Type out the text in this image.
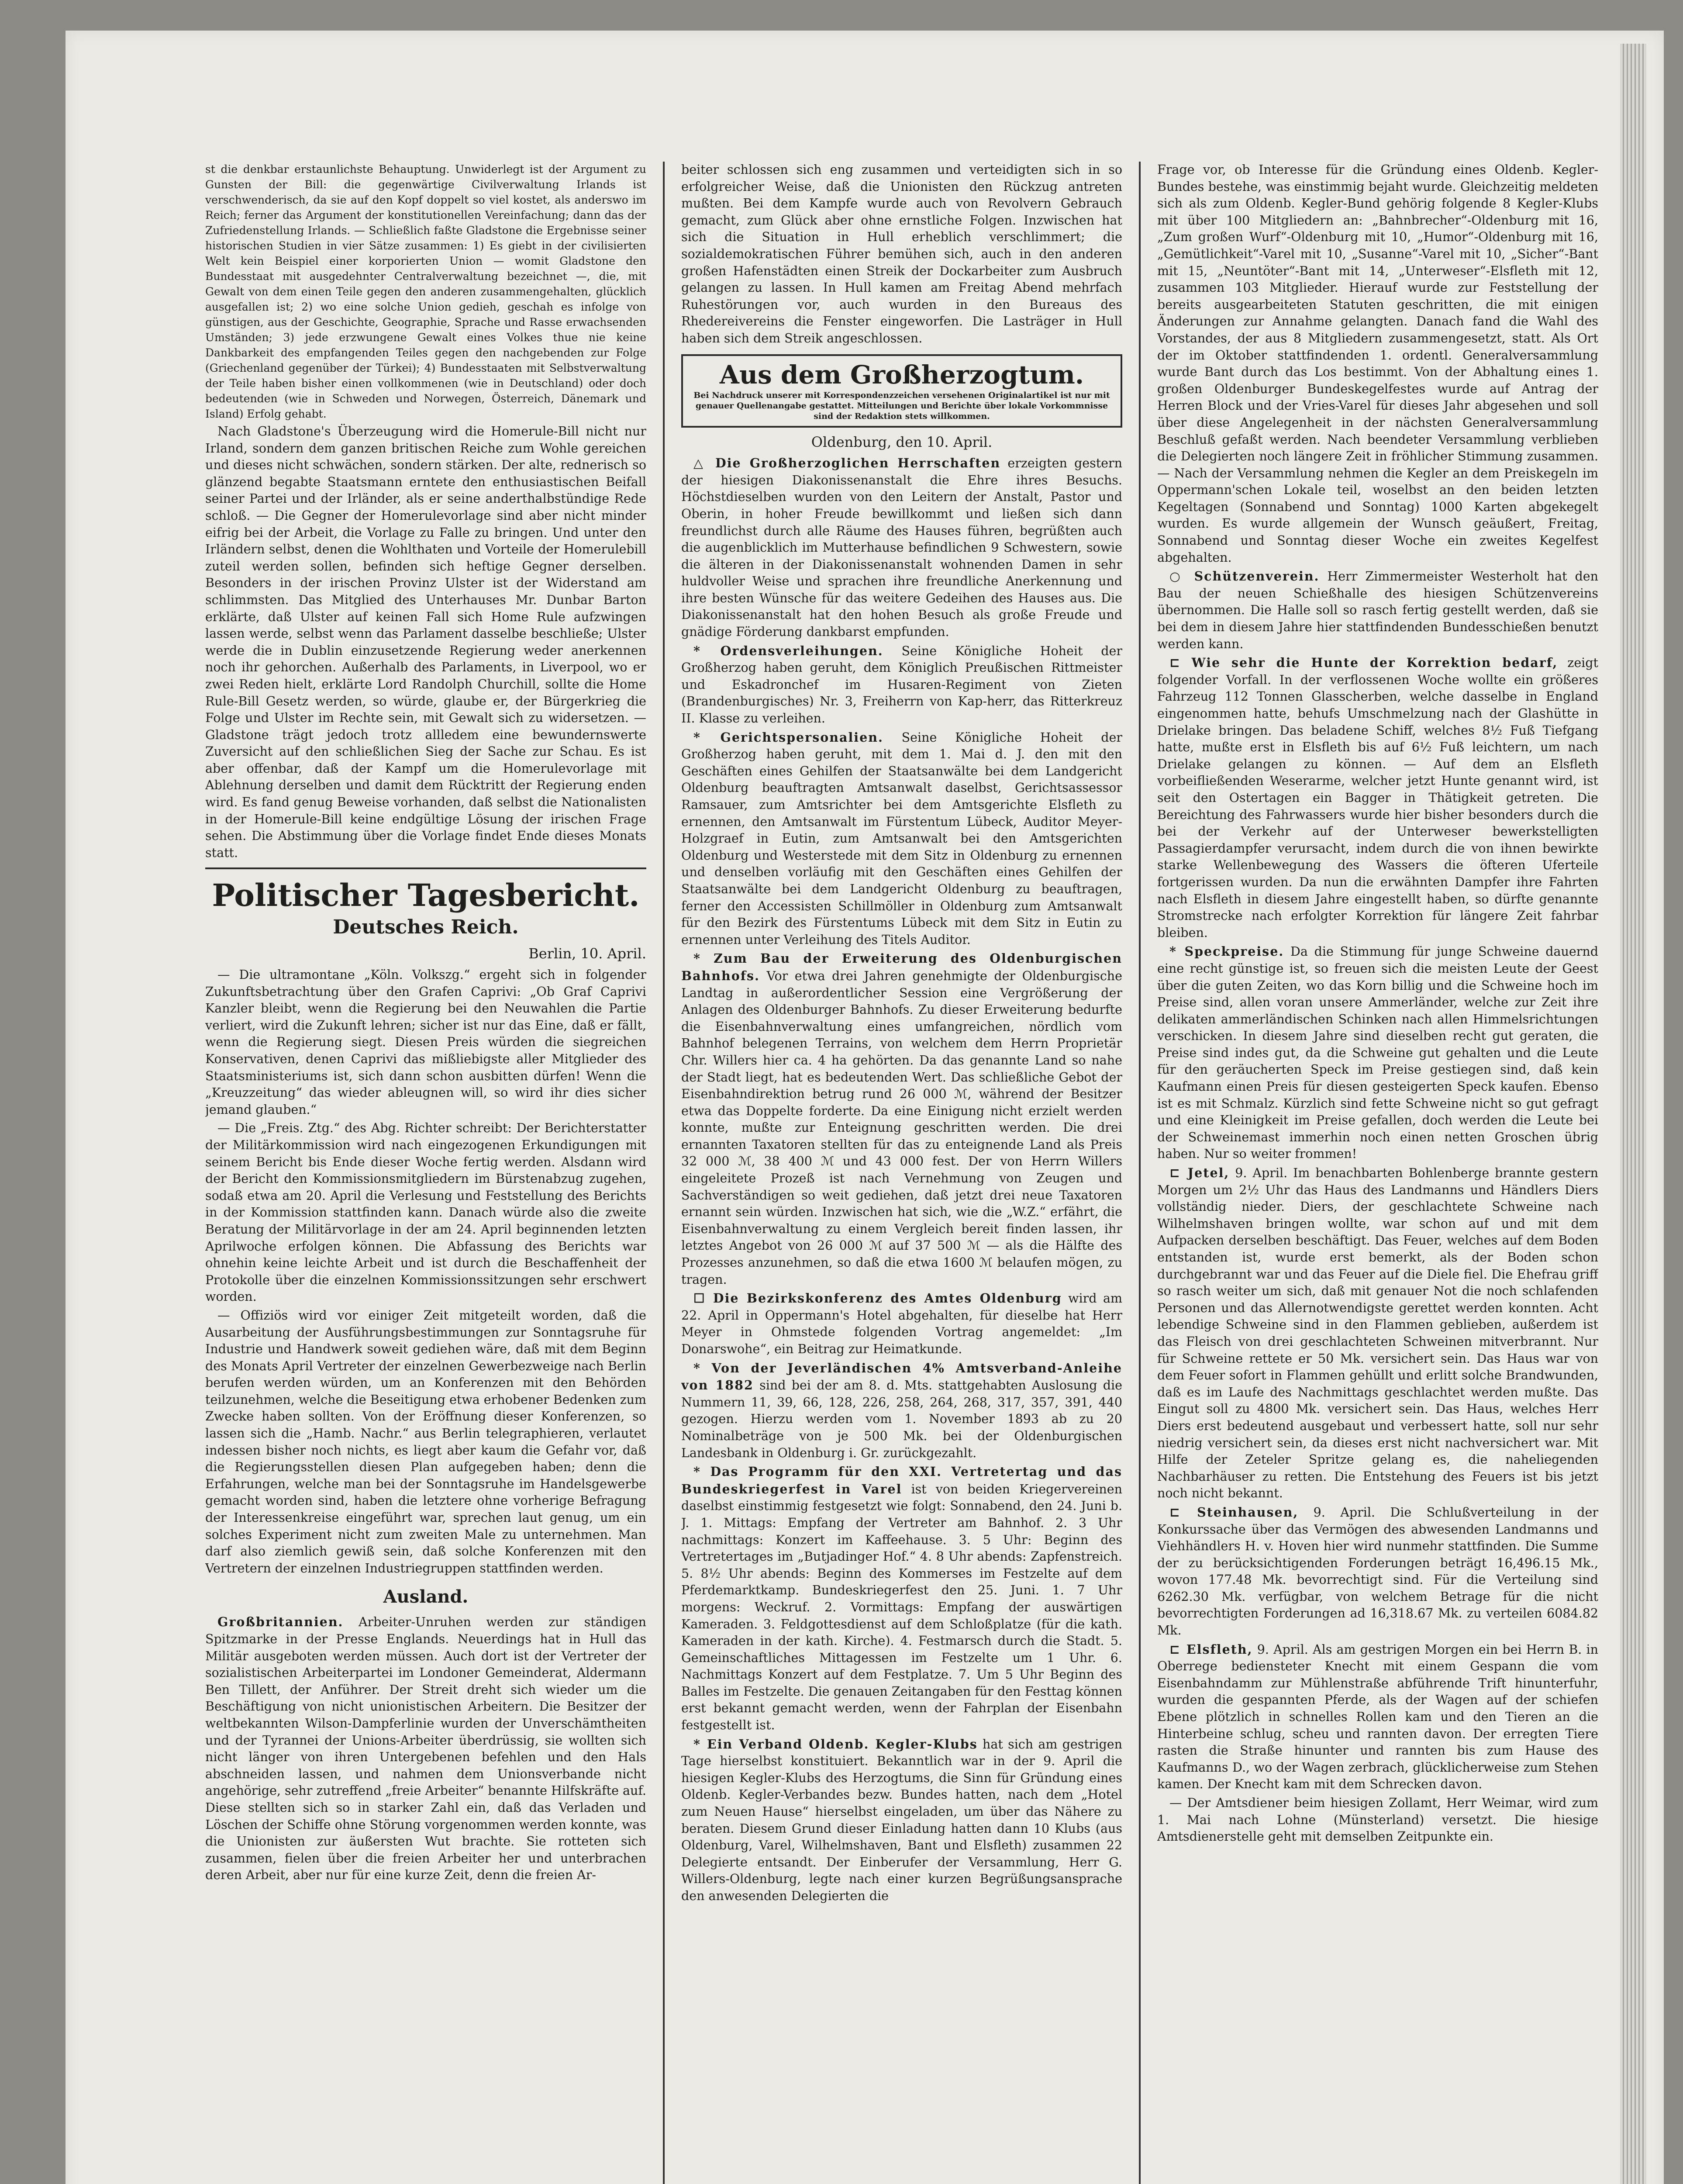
st die denkbar erstaunlichste Behauptung. Unwiderlegt ist der Argument zu Gunsten der Bill: die gegenwärtige Civilverwaltung Irlands ist verschwenderisch, da sie auf den Kopf doppelt so viel kostet, als anderswo im Reich; ferner das Argument der konstitutionellen Vereinfachung; dann das der Zufriedenstellung Irlands. — Schließlich faßte Gladstone die Ergebnisse seiner historischen Studien in vier Sätze zusammen: 1) Es giebt in der civilisierten Welt kein Beispiel einer korporierten Union — womit Gladstone den Bundesstaat mit ausgedehnter Centralverwaltung bezeichnet —, die, mit Gewalt von dem einen Teile gegen den anderen zusammengehalten, glücklich ausgefallen ist; 2) wo eine solche Union gedieh, geschah es infolge von günstigen, aus der Geschichte, Geographie, Sprache und Rasse erwachsenden Umständen; 3) jede erzwungene Gewalt eines Volkes thue nie keine Dankbarkeit des empfangenden Teiles gegen den nachgebenden zur Folge (Griechenland gegenüber der Türkei); 4) Bundesstaaten mit Selbstverwaltung der Teile haben bisher einen vollkommenen (wie in Deutschland) oder doch bedeutenden (wie in Schweden und Norwegen, Österreich, Dänemark und Island) Erfolg gehabt.

Nach Gladstone's Überzeugung wird die Homerule-Bill nicht nur Irland, sondern dem ganzen britischen Reiche zum Wohle gereichen und dieses nicht schwächen, sondern stärken. Der alte, rednerisch so glänzend begabte Staatsmann erntete den enthusiastischen Beifall seiner Partei und der Irländer, als er seine anderthalbstündige Rede schloß. — Die Gegner der Homerulevorlage sind aber nicht minder eifrig bei der Arbeit, die Vorlage zu Falle zu bringen. Und unter den Irländern selbst, denen die Wohlthaten und Vorteile der Homerulebill zuteil werden sollen, befinden sich heftige Gegner derselben. Besonders in der irischen Provinz Ulster ist der Widerstand am schlimmsten. Das Mitglied des Unterhauses Mr. Dunbar Barton erklärte, daß Ulster auf keinen Fall sich Home Rule aufzwingen lassen werde, selbst wenn das Parlament dasselbe beschließe; Ulster werde die in Dublin einzusetzende Regierung weder anerkennen noch ihr gehorchen. Außerhalb des Parlaments, in Liverpool, wo er zwei Reden hielt, erklärte Lord Randolph Churchill, sollte die Home Rule-Bill Gesetz werden, so würde, glaube er, der Bürgerkrieg die Folge und Ulster im Rechte sein, mit Gewalt sich zu widersetzen. — Gladstone trägt jedoch trotz allledem eine bewundernswerte Zuversicht auf den schließlichen Sieg der Sache zur Schau. Es ist aber offenbar, daß der Kampf um die Homerulevorlage mit Ablehnung derselben und damit dem Rücktritt der Regierung enden wird. Es fand genug Beweise vorhanden, daß selbst die Nationalisten in der Homerule-Bill keine endgültige Lösung der irischen Frage sehen. Die Abstimmung über die Vorlage findet Ende dieses Monats statt.

Politischer Tagesbericht.
Deutsches Reich.
Berlin, 10. April.

— Die ultramontane „Köln. Volkszg.“ ergeht sich in folgender Zukunftsbetrachtung über den Grafen Caprivi: „Ob Graf Caprivi Kanzler bleibt, wenn die Regierung bei den Neuwahlen die Partie verliert, wird die Zukunft lehren; sicher ist nur das Eine, daß er fällt, wenn die Regierung siegt. Diesen Preis würden die siegreichen Konservativen, denen Caprivi das mißliebigste aller Mitglieder des Staatsministeriums ist, sich dann schon ausbitten dürfen! Wenn die „Kreuzzeitung“ das wieder ableugnen will, so wird ihr dies sicher jemand glauben.“

— Die „Freis. Ztg.“ des Abg. Richter schreibt: Der Berichterstatter der Militärkommission wird nach eingezogenen Erkundigungen mit seinem Bericht bis Ende dieser Woche fertig werden. Alsdann wird der Bericht den Kommissionsmitgliedern im Bürstenabzug zugehen, sodaß etwa am 20. April die Verlesung und Feststellung des Berichts in der Kommission stattfinden kann. Danach würde also die zweite Beratung der Militärvorlage in der am 24. April beginnenden letzten Aprilwoche erfolgen können. Die Abfassung des Berichts war ohnehin keine leichte Arbeit und ist durch die Beschaffenheit der Protokolle über die einzelnen Kommissionssitzungen sehr erschwert worden.

— Offiziös wird vor einiger Zeit mitgeteilt worden, daß die Ausarbeitung der Ausführungsbestimmungen zur Sonntagsruhe für Industrie und Handwerk soweit gediehen wäre, daß mit dem Beginn des Monats April Vertreter der einzelnen Gewerbezweige nach Berlin berufen werden würden, um an Konferenzen mit den Behörden teilzunehmen, welche die Beseitigung etwa erhobener Bedenken zum Zwecke haben sollten. Von der Eröffnung dieser Konferenzen, so lassen sich die „Hamb. Nachr.“ aus Berlin telegraphieren, verlautet indessen bisher noch nichts, es liegt aber kaum die Gefahr vor, daß die Regierungsstellen diesen Plan aufgegeben haben; denn die Erfahrungen, welche man bei der Sonntagsruhe im Handelsgewerbe gemacht worden sind, haben die letztere ohne vorherige Befragung der Interessenkreise eingeführt war, sprechen laut genug, um ein solches Experiment nicht zum zweiten Male zu unternehmen. Man darf also ziemlich gewiß sein, daß solche Konferenzen mit den Vertretern der einzelnen Industriegruppen stattfinden werden.

Ausland.

Großbritannien. Arbeiter-Unruhen werden zur ständigen Spitzmarke in der Presse Englands. Neuerdings hat in Hull das Militär ausgeboten werden müssen. Auch dort ist der Vertreter der sozialistischen Arbeiterpartei im Londoner Gemeinderat, Aldermann Ben Tillett, der Anführer. Der Streit dreht sich wieder um die Beschäftigung von nicht unionistischen Arbeitern. Die Besitzer der weltbekannten Wilson-Dampferlinie wurden der Unverschämtheiten und der Tyrannei der Unions-Arbeiter überdrüssig, sie wollten sich nicht länger von ihren Untergebenen befehlen und den Hals abschneiden lassen, und nahmen dem Unionsverbande nicht angehörige, sehr zutreffend „freie Arbeiter“ benannte Hilfskräfte auf. Diese stellten sich so in starker Zahl ein, daß das Verladen und Löschen der Schiffe ohne Störung vorgenommen werden konnte, was die Unionisten zur äußersten Wut brachte. Sie rotteten sich zusammen, fielen über die freien Arbeiter her und unterbrachen deren Arbeit, aber nur für eine kurze Zeit, denn die freien Ar-

beiter schlossen sich eng zusammen und verteidigten sich in so erfolgreicher Weise, daß die Unionisten den Rückzug antreten mußten. Bei dem Kampfe wurde auch von Revolvern Gebrauch gemacht, zum Glück aber ohne ernstliche Folgen. Inzwischen hat sich die Situation in Hull erheblich verschlimmert; die sozialdemokratischen Führer bemühen sich, auch in den anderen großen Hafenstädten einen Streik der Dockarbeiter zum Ausbruch gelangen zu lassen. In Hull kamen am Freitag Abend mehrfach Ruhestörungen vor, auch wurden in den Bureaus des Rhedereivereins die Fenster eingeworfen. Die Lasträger in Hull haben sich dem Streik angeschlossen.

Aus dem Großherzogtum.
Bei Nachdruck unserer mit Korrespondenzzeichen versehenen Originalartikel ist nur mit genauer Quellenangabe gestattet. Mitteilungen und Berichte über lokale Vorkommnisse sind der Redaktion stets willkommen.
Oldenburg, den 10. April.

△ Die Großherzoglichen Herrschaften erzeigten gestern der hiesigen Diakonissenanstalt die Ehre ihres Besuchs. Höchstdieselben wurden von den Leitern der Anstalt, Pastor und Oberin, in hoher Freude bewillkommt und ließen sich dann freundlichst durch alle Räume des Hauses führen, begrüßten auch die augenblicklich im Mutterhause befindlichen 9 Schwestern, sowie die älteren in der Diakonissenanstalt wohnenden Damen in sehr huldvoller Weise und sprachen ihre freundliche Anerkennung und ihre besten Wünsche für das weitere Gedeihen des Hauses aus. Die Diakonissenanstalt hat den hohen Besuch als große Freude und gnädige Förderung dankbarst empfunden.

* Ordensverleihungen. Seine Königliche Hoheit der Großherzog haben geruht, dem Königlich Preußischen Rittmeister und Eskadronchef im Husaren-Regiment von Zieten (Brandenburgisches) Nr. 3, Freiherrn von Kap-herr, das Ritterkreuz II. Klasse zu verleihen.

* Gerichtspersonalien. Seine Königliche Hoheit der Großherzog haben geruht, mit dem 1. Mai d. J. den mit den Geschäften eines Gehilfen der Staatsanwälte bei dem Landgericht Oldenburg beauftragten Amtsanwalt daselbst, Gerichtsassessor Ramsauer, zum Amtsrichter bei dem Amtsgerichte Elsfleth zu ernennen, den Amtsanwalt im Fürstentum Lübeck, Auditor Meyer-Holzgraef in Eutin, zum Amtsanwalt bei den Amtsgerichten Oldenburg und Westerstede mit dem Sitz in Oldenburg zu ernennen und denselben vorläufig mit den Geschäften eines Gehilfen der Staatsanwälte bei dem Landgericht Oldenburg zu beauftragen, ferner den Accessisten Schillmöller in Oldenburg zum Amtsanwalt für den Bezirk des Fürstentums Lübeck mit dem Sitz in Eutin zu ernennen unter Verleihung des Titels Auditor.

* Zum Bau der Erweiterung des Oldenburgischen Bahnhofs. Vor etwa drei Jahren genehmigte der Oldenburgische Landtag in außerordentlicher Session eine Vergrößerung der Anlagen des Oldenburger Bahnhofs. Zu dieser Erweiterung bedurfte die Eisenbahnverwaltung eines umfangreichen, nördlich vom Bahnhof belegenen Terrains, von welchem dem Herrn Proprietär Chr. Willers hier ca. 4 ha gehörten. Da das genannte Land so nahe der Stadt liegt, hat es bedeutenden Wert. Das schließliche Gebot der Eisenbahndirektion betrug rund 26 000 ℳ, während der Besitzer etwa das Doppelte forderte. Da eine Einigung nicht erzielt werden konnte, mußte zur Enteignung geschritten werden. Die drei ernannten Taxatoren stellten für das zu enteignende Land als Preis 32 000 ℳ, 38 400 ℳ und 43 000 fest. Der von Herrn Willers eingeleitete Prozeß ist nach Vernehmung von Zeugen und Sachverständigen so weit gediehen, daß jetzt drei neue Taxatoren ernannt sein würden. Inzwischen hat sich, wie die „W.Z.“ erfährt, die Eisenbahnverwaltung zu einem Vergleich bereit finden lassen, ihr letztes Angebot von 26 000 ℳ auf 37 500 ℳ — als die Hälfte des Prozesses anzunehmen, so daß die etwa 1600 ℳ belaufen mögen, zu tragen.

☐ Die Bezirkskonferenz des Amtes Oldenburg wird am 22. April in Oppermann's Hotel abgehalten, für dieselbe hat Herr Meyer in Ohmstede folgenden Vortrag angemeldet: „Im Donarswohe“, ein Beitrag zur Heimatkunde.

* Von der Jeverländischen 4% Amtsverband-Anleihe von 1882 sind bei der am 8. d. Mts. stattgehabten Auslosung die Nummern 11, 39, 66, 128, 226, 258, 264, 268, 317, 357, 391, 440 gezogen. Hierzu werden vom 1. November 1893 ab zu 20 Nominalbeträge von je 500 Mk. bei der Oldenburgischen Landesbank in Oldenburg i. Gr. zurückgezahlt.

* Das Programm für den XXI. Vertretertag und das Bundeskriegerfest in Varel ist von beiden Kriegervereinen daselbst einstimmig festgesetzt wie folgt: Sonnabend, den 24. Juni b. J. 1. Mittags: Empfang der Vertreter am Bahnhof. 2. 3 Uhr nachmittags: Konzert im Kaffeehause. 3. 5 Uhr: Beginn des Vertretertages im „Butjadinger Hof.“ 4. 8 Uhr abends: Zapfenstreich. 5. 8½ Uhr abends: Beginn des Kommerses im Festzelte auf dem Pferdemarktkamp. Bundeskriegerfest den 25. Juni. 1. 7 Uhr morgens: Weckruf. 2. Vormittags: Empfang der auswärtigen Kameraden. 3. Feldgottesdienst auf dem Schloßplatze (für die kath. Kameraden in der kath. Kirche). 4. Festmarsch durch die Stadt. 5. Gemeinschaftliches Mittagessen im Festzelte um 1 Uhr. 6. Nachmittags Konzert auf dem Festplatze. 7. Um 5 Uhr Beginn des Balles im Festzelte. Die genauen Zeitangaben für den Festtag können erst bekannt gemacht werden, wenn der Fahrplan der Eisenbahn festgestellt ist.

* Ein Verband Oldenb. Kegler-Klubs hat sich am gestrigen Tage hierselbst konstituiert. Bekanntlich war in der 9. April die hiesigen Kegler-Klubs des Herzogtums, die Sinn für Gründung eines Oldenb. Kegler-Verbandes bezw. Bundes hatten, nach dem „Hotel zum Neuen Hause“ hierselbst eingeladen, um über das Nähere zu beraten. Diesem Grund dieser Einladung hatten dann 10 Klubs (aus Oldenburg, Varel, Wilhelmshaven, Bant und Elsfleth) zusammen 22 Delegierte entsandt. Der Einberufer der Versammlung, Herr G. Willers-Oldenburg, legte nach einer kurzen Begrüßungsansprache den anwesenden Delegierten die

Frage vor, ob Interesse für die Gründung eines Oldenb. Kegler-Bundes bestehe, was einstimmig bejaht wurde. Gleichzeitig meldeten sich als zum Oldenb. Kegler-Bund gehörig folgende 8 Kegler-Klubs mit über 100 Mitgliedern an: „Bahnbrecher“-Oldenburg mit 16, „Zum großen Wurf“-Oldenburg mit 10, „Humor“-Oldenburg mit 16, „Gemütlichkeit“-Varel mit 10, „Susanne“-Varel mit 10, „Sicher“-Bant mit 15, „Neuntöter“-Bant mit 14, „Unterweser“-Elsfleth mit 12, zusammen 103 Mitglieder. Hierauf wurde zur Feststellung der bereits ausgearbeiteten Statuten geschritten, die mit einigen Änderungen zur Annahme gelangten. Danach fand die Wahl des Vorstandes, der aus 8 Mitgliedern zusammengesetzt, statt. Als Ort der im Oktober stattfindenden 1. ordentl. Generalversammlung wurde Bant durch das Los bestimmt. Von der Abhaltung eines 1. großen Oldenburger Bundeskegelfestes wurde auf Antrag der Herren Block und der Vries-Varel für dieses Jahr abgesehen und soll über diese Angelegenheit in der nächsten Generalversammlung Beschluß gefaßt werden. Nach beendeter Versammlung verblieben die Delegierten noch längere Zeit in fröhlicher Stimmung zusammen. — Nach der Versammlung nehmen die Kegler an dem Preiskegeln im Oppermann'schen Lokale teil, woselbst an den beiden letzten Kegeltagen (Sonnabend und Sonntag) 1000 Karten abgekegelt wurden. Es wurde allgemein der Wunsch geäußert, Freitag, Sonnabend und Sonntag dieser Woche ein zweites Kegelfest abgehalten.

○ Schützenverein. Herr Zimmermeister Westerholt hat den Bau der neuen Schießhalle des hiesigen Schützenvereins übernommen. Die Halle soll so rasch fertig gestellt werden, daß sie bei dem in diesem Jahre hier stattfindenden Bundesschießen benutzt werden kann.

⊏ Wie sehr die Hunte der Korrektion bedarf, zeigt folgender Vorfall. In der verflossenen Woche wollte ein größeres Fahrzeug 112 Tonnen Glasscherben, welche dasselbe in England eingenommen hatte, behufs Umschmelzung nach der Glashütte in Drielake bringen. Das beladene Schiff, welches 8½ Fuß Tiefgang hatte, mußte erst in Elsfleth bis auf 6½ Fuß leichtern, um nach Drielake gelangen zu können. — Auf dem an Elsfleth vorbeifließenden Weserarme, welcher jetzt Hunte genannt wird, ist seit den Ostertagen ein Bagger in Thätigkeit getreten. Die Bereichtung des Fahrwassers wurde hier bisher besonders durch die bei der Verkehr auf der Unterweser bewerkstelligten Passagierdampfer verursacht, indem durch die von ihnen bewirkte starke Wellenbewegung des Wassers die öfteren Uferteile fortgerissen wurden. Da nun die erwähnten Dampfer ihre Fahrten nach Elsfleth in diesem Jahre eingestellt haben, so dürfte genannte Stromstrecke nach erfolgter Korrektion für längere Zeit fahrbar bleiben.

* Speckpreise. Da die Stimmung für junge Schweine dauernd eine recht günstige ist, so freuen sich die meisten Leute der Geest über die guten Zeiten, wo das Korn billig und die Schweine hoch im Preise sind, allen voran unsere Ammerländer, welche zur Zeit ihre delikaten ammerländischen Schinken nach allen Himmelsrichtungen verschicken. In diesem Jahre sind dieselben recht gut geraten, die Preise sind indes gut, da die Schweine gut gehalten und die Leute für den geräucherten Speck im Preise gestiegen sind, daß kein Kaufmann einen Preis für diesen gesteigerten Speck kaufen. Ebenso ist es mit Schmalz. Kürzlich sind fette Schweine nicht so gut gefragt und eine Kleinigkeit im Preise gefallen, doch werden die Leute bei der Schweinemast immerhin noch einen netten Groschen übrig haben. Nur so weiter frommen!

⊏ Jetel, 9. April. Im benachbarten Bohlenberge brannte gestern Morgen um 2½ Uhr das Haus des Landmanns und Händlers Diers vollständig nieder. Diers, der geschlachtete Schweine nach Wilhelmshaven bringen wollte, war schon auf und mit dem Aufpacken derselben beschäftigt. Das Feuer, welches auf dem Boden entstanden ist, wurde erst bemerkt, als der Boden schon durchgebrannt war und das Feuer auf die Diele fiel. Die Ehefrau griff so rasch weiter um sich, daß mit genauer Not die noch schlafenden Personen und das Allernotwendigste gerettet werden konnten. Acht lebendige Schweine sind in den Flammen geblieben, außerdem ist das Fleisch von drei geschlachteten Schweinen mitverbrannt. Nur für Schweine rettete er 50 Mk. versichert sein. Das Haus war von dem Feuer sofort in Flammen gehüllt und erlitt solche Brandwunden, daß es im Laufe des Nachmittags geschlachtet werden mußte. Das Eingut soll zu 4800 Mk. versichert sein. Das Haus, welches Herr Diers erst bedeutend ausgebaut und verbessert hatte, soll nur sehr niedrig versichert sein, da dieses erst nicht nachversichert war. Mit Hilfe der Zeteler Spritze gelang es, die naheliegenden Nachbarhäuser zu retten. Die Entstehung des Feuers ist bis jetzt noch nicht bekannt.

⊏ Steinhausen, 9. April. Die Schlußverteilung in der Konkurssache über das Vermögen des abwesenden Landmanns und Viehhändlers H. v. Hoven hier wird nunmehr stattfinden. Die Summe der zu berücksichtigenden Forderungen beträgt 16,496.15 Mk., wovon 177.48 Mk. bevorrechtigt sind. Für die Verteilung sind 6262.30 Mk. verfügbar, von welchem Betrage für die nicht bevorrechtigten Forderungen ad 16,318.67 Mk. zu verteilen 6084.82 Mk.

⊏ Elsfleth, 9. April. Als am gestrigen Morgen ein bei Herrn B. in Oberrege bediensteter Knecht mit einem Gespann die vom Eisenbahndamm zur Mühlenstraße abführende Trift hinunterfuhr, wurden die gespannten Pferde, als der Wagen auf der schiefen Ebene plötzlich in schnelles Rollen kam und den Tieren an die Hinterbeine schlug, scheu und rannten davon. Der erregten Tiere rasten die Straße hinunter und rannten bis zum Hause des Kaufmanns D., wo der Wagen zerbrach, glücklicherweise zum Stehen kamen. Der Knecht kam mit dem Schrecken davon.

— Der Amtsdiener beim hiesigen Zollamt, Herr Weimar, wird zum 1. Mai nach Lohne (Münsterland) versetzt. Die hiesige Amtsdienerstelle geht mit demselben Zeitpunkte ein.
